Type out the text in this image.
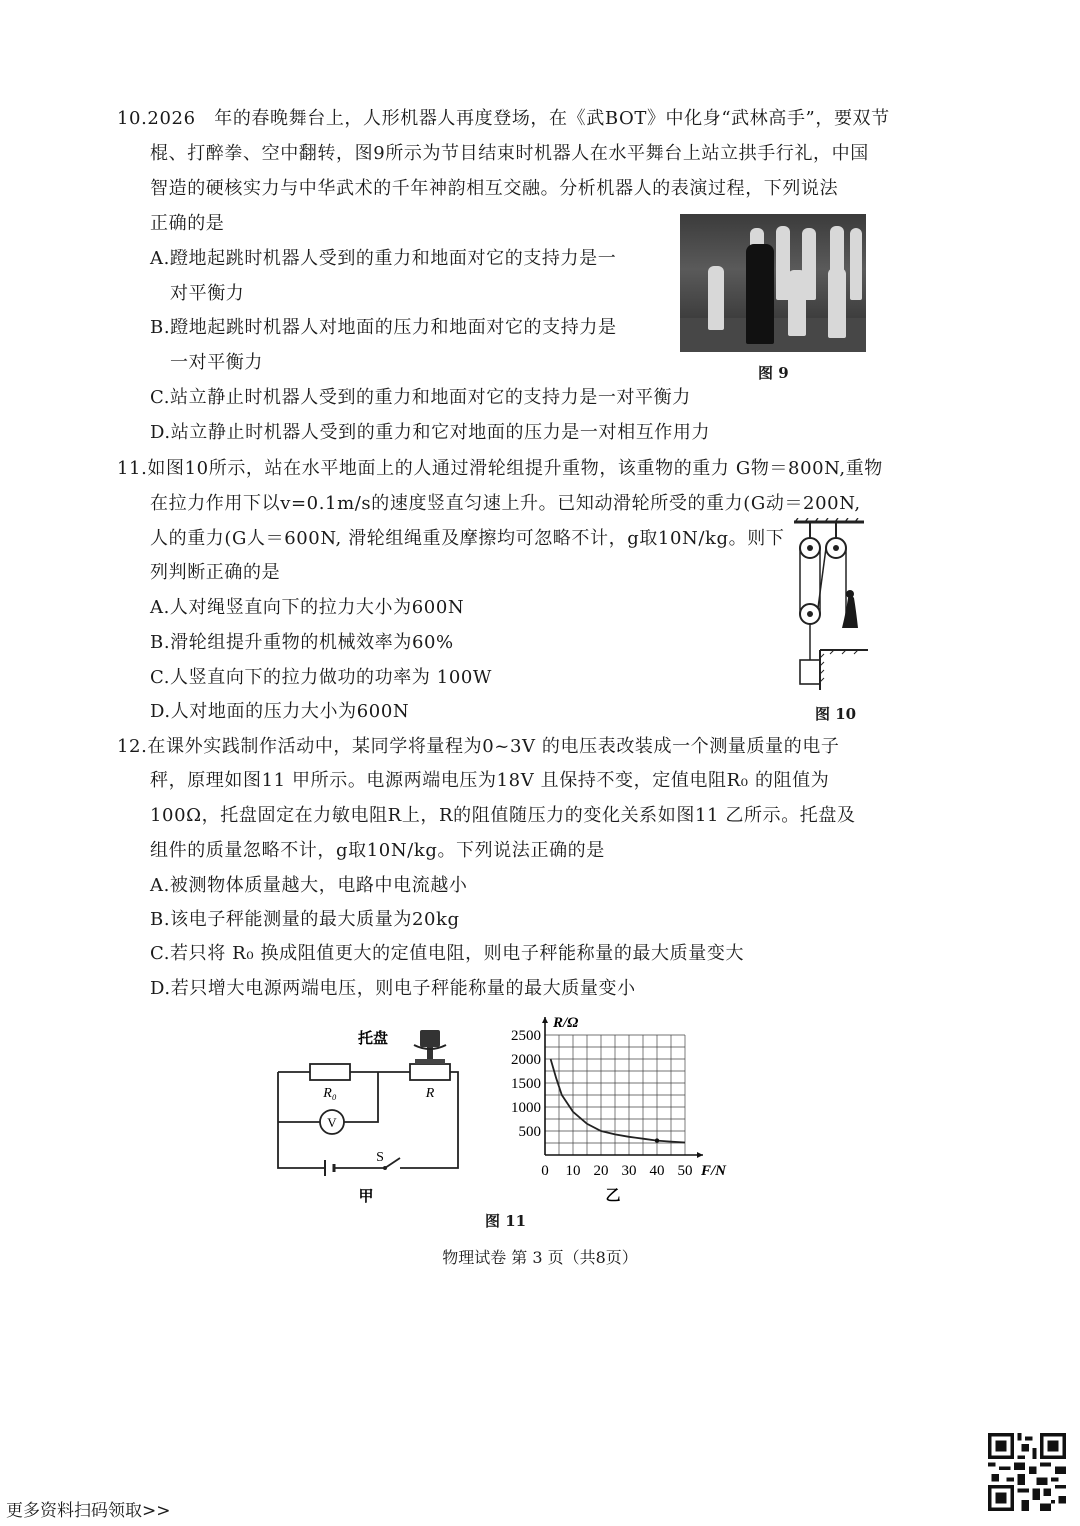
10.2026　年的春晚舞台上，人形机器人再度登场，在《武BOT》中化身“武林高手”，要双节
棍、打醉拳、空中翻转，图9所示为节目结束时机器人在水平舞台上站立拱手行礼，中国
智造的硬核实力与中华武术的千年神韵相互交融。分析机器人的表演过程，下列说法
正确的是
A.蹬地起跳时机器人受到的重力和地面对它的支持力是一
对平衡力
B.蹬地起跳时机器人对地面的压力和地面对它的支持力是
一对平衡力
C.站立静止时机器人受到的重力和地面对它的支持力是一对平衡力
D.站立静止时机器人受到的重力和它对地面的压力是一对相互作用力
图 9
11.如图10所示，站在水平地面上的人通过滑轮组提升重物，该重物的重力 G物＝800N,重物
在拉力作用下以v=0.1m/s的速度竖直匀速上升。已知动滑轮所受的重力(G动＝200N,
人的重力(G人＝600N, 滑轮组绳重及摩擦均可忽略不计，g取10N/kg。则下
列判断正确的是
A.人对绳竖直向下的拉力大小为600N
B.滑轮组提升重物的机械效率为60%
C.人竖直向下的拉力做功的功率为 100W
D.人对地面的压力大小为600N	图 10
12.在课外实践制作活动中，某同学将量程为0~3V 的电压表改装成一个测量质量的电子
秤，原理如图11 甲所示。电源两端电压为18V 且保持不变，定值电阻R₀ 的阻值为
100Ω，托盘固定在力敏电阻R上，R的阻值随压力的变化关系如图11 乙所示。托盘及
组件的质量忽略不计，g取10N/kg。下列说法正确的是
A.被测物体质量越大，电路中电流越小
B.该电子秤能测量的最大质量为20kg
C.若只将 R₀ 换成阻值更大的定值电阻，则电子秤能称量的最大质量变大
D.若只增大电源两端电压，则电子秤能称量的最大质量变小
托盘
R₀	R
V
S
甲
0 10 20 30 40 50
500
1000
1500
2000
2500
R/Ω
F/N
乙
图 11
物理试卷 第 3 页（共8页）
更多资料扫码领取>>
